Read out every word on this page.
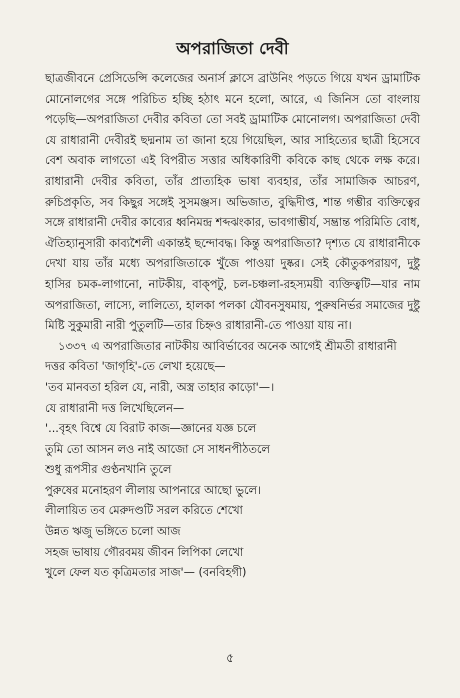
অপরাজিতা দেবী

ছাত্রজীবনে প্রেসিডেন্সি কলেজের অনার্স ক্লাসে ব্রাউনিং পড়তে গিয়ে যখন ড্রামাটিক মোনোলগের সঙ্গে পরিচিত হচ্ছি হঠাৎ মনে হলো, আরে, এ জিনিস তো বাংলায় পড়েছি—অপরাজিতা দেবীর কবিতা তো সবই ড্রামাটিক মোনোলগ। অপরাজিতা দেবী যে রাধারানী দেবীরই ছদ্মনাম তা জানা হয়ে গিয়েছিল, আর সাহিত্যের ছাত্রী হিসেবে বেশ অবাক লাগতো এই বিপরীত সত্তার অধিকারিণী কবিকে কাছ থেকে লক্ষ করে। রাধারানী দেবীর কবিতা, তাঁর প্রাত্যহিক ভাষা ব্যবহার, তাঁর সামাজিক আচরণ, রুচিপ্রকৃতি, সব কিছুর সঙ্গেই সুসমঞ্জস। অভিজাত, বুদ্ধিদীপ্ত, শান্ত গম্ভীর ব্যক্তিত্বের সঙ্গে রাধারানী দেবীর কাব্যের ধ্বনিমন্দ্র শব্দঝংকার, ভাবগাম্ভীর্য, সম্ভ্রান্ত পরিমিতি বোধ, ঐতিহ্যানুসারী কাব্যশৈলী একান্তই ছন্দোবদ্ধ। কিন্তু অপরাজিতা? দৃশ্যত যে রাধারানীকে দেখা যায় তাঁর মধ্যে অপরাজিতাকে খুঁজে পাওয়া দুষ্কর। সেই কৌতুকপরায়ণ, দুষ্টু হাসির চমক-লাগানো, নাটকীয়, বাক্পটু, চল-চঞ্চলা-রহস্যময়ী ব্যক্তিত্বটি—যার নাম অপরাজিতা, লাস্যে, লালিত্যে, হালকা পলকা যৌবনসুষমায়, পুরুষনির্ভর সমাজের দুষ্টু মিষ্টি সুকুমারী নারী পুতুলটি—তার চিহ্নও রাধারানী-তে পাওয়া যায় না।

১৩৩৭ এ অপরাজিতার নাটকীয় আবির্ভাবের অনেক আগেই শ্রীমতী রাধারানী
দত্তর কবিতা 'জাগৃহি'-তে লেখা হয়েছে—
'তব মানবতা হরিল যে, নারী, অস্ত্র তাহার কাড়ো'—।
যে রাধারানী দত্ত লিখেছিলেন—
'...বৃহৎ বিশ্বে যে বিরাট কাজ—জ্ঞানের যজ্ঞ চলে
তুমি তো আসন লও নাই আজো সে সাধনপীঠতলে
শুধু রূপসীর গুণ্ঠনখানি তুলে
পুরুষের মনোহরণ লীলায় আপনারে আছো ভুলে।
লীলায়িত তব মেরুদণ্ডটি সরল করিতে শেখো
উন্নত ঋজু ভঙ্গিতে চলো আজ
সহজ ভাষায় গৌরবময় জীবন লিপিকা লেখো
খুলে ফেল যত কৃত্রিমতার সাজ'— (বনবিহগী)
৫
